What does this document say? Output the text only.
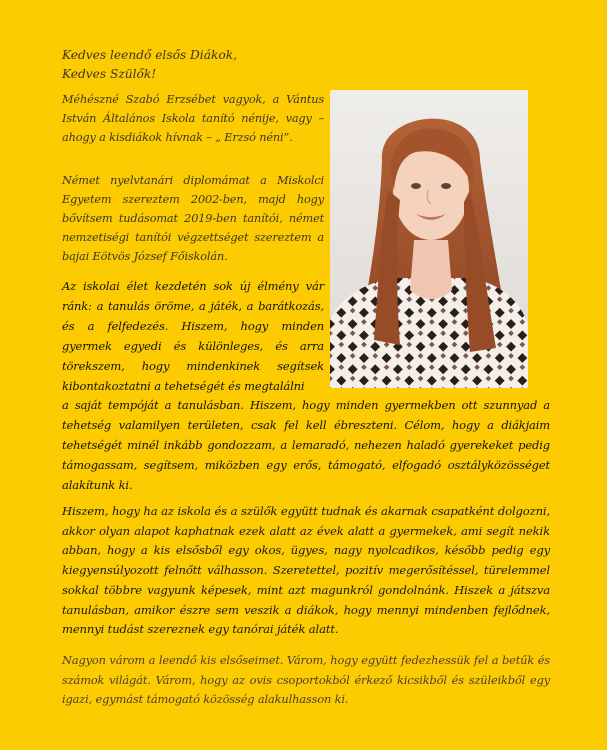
Kedves leendő elsős Diákok,
Kedves Szülők!

Méhészné Szabó Erzsébet vagyok, a Vántus István Általános Iskola tanító nénije, vagy – ahogy a kisdiákok hívnak – „ Erzsó néni”.

Német nyelvtanári diplomámat a Miskolci Egyetem szereztem 2002-ben, majd hogy bővítsem tudásomat 2019-ben tanítói, német nemzetiségi tanítói végzettséget szereztem a bajai Eötvös József Főiskolán.

Az iskolai élet kezdetén sok új élmény vár ránk: a tanulás öröme, a játék, a barátkozás, és a felfedezés. Hiszem, hogy minden gyermek egyedi és különleges, és arra törekszem, hogy mindenkinek segítsek kibontakoztatni a tehetségét és megtalálni

a saját tempóját a tanulásban. Hiszem, hogy minden gyermekben ott szunnyad a tehetség valamilyen területen, csak fel kell ébreszteni. Célom, hogy a diákjaim tehetségét minél inkább gondozzam, a lemaradó, nehezen haladó gyerekeket pedig támogassam, segítsem, miközben egy erős, támogató, elfogadó osztályközösséget alakítunk ki.

Hiszem, hogy ha az iskola és a szülők együtt tudnak és akarnak csapatként dolgozni, akkor olyan alapot kaphatnak ezek alatt az évek alatt a gyermekek, ami segít nekik abban, hogy a kis elsősből egy okos, ügyes, nagy nyolcadikos, később pedig egy kiegyensúlyozott felnőtt válhasson. Szeretettel, pozitív megerősítéssel, türelemmel sokkal többre vagyunk képesek, mint azt magunkról gondolnánk. Hiszek a játszva tanulásban, amikor észre sem veszik a diákok, hogy mennyi mindenben fejlődnek, mennyi tudást szereznek egy tanórai játék alatt.

Nagyon várom a leendő kis elsőseimet. Várom, hogy együtt fedezhessük fel a betűk és számok világát. Várom, hogy az ovis csoportokból érkező kicsikből és szüleikből egy igazi, egymást támogató közösség alakulhasson ki.
